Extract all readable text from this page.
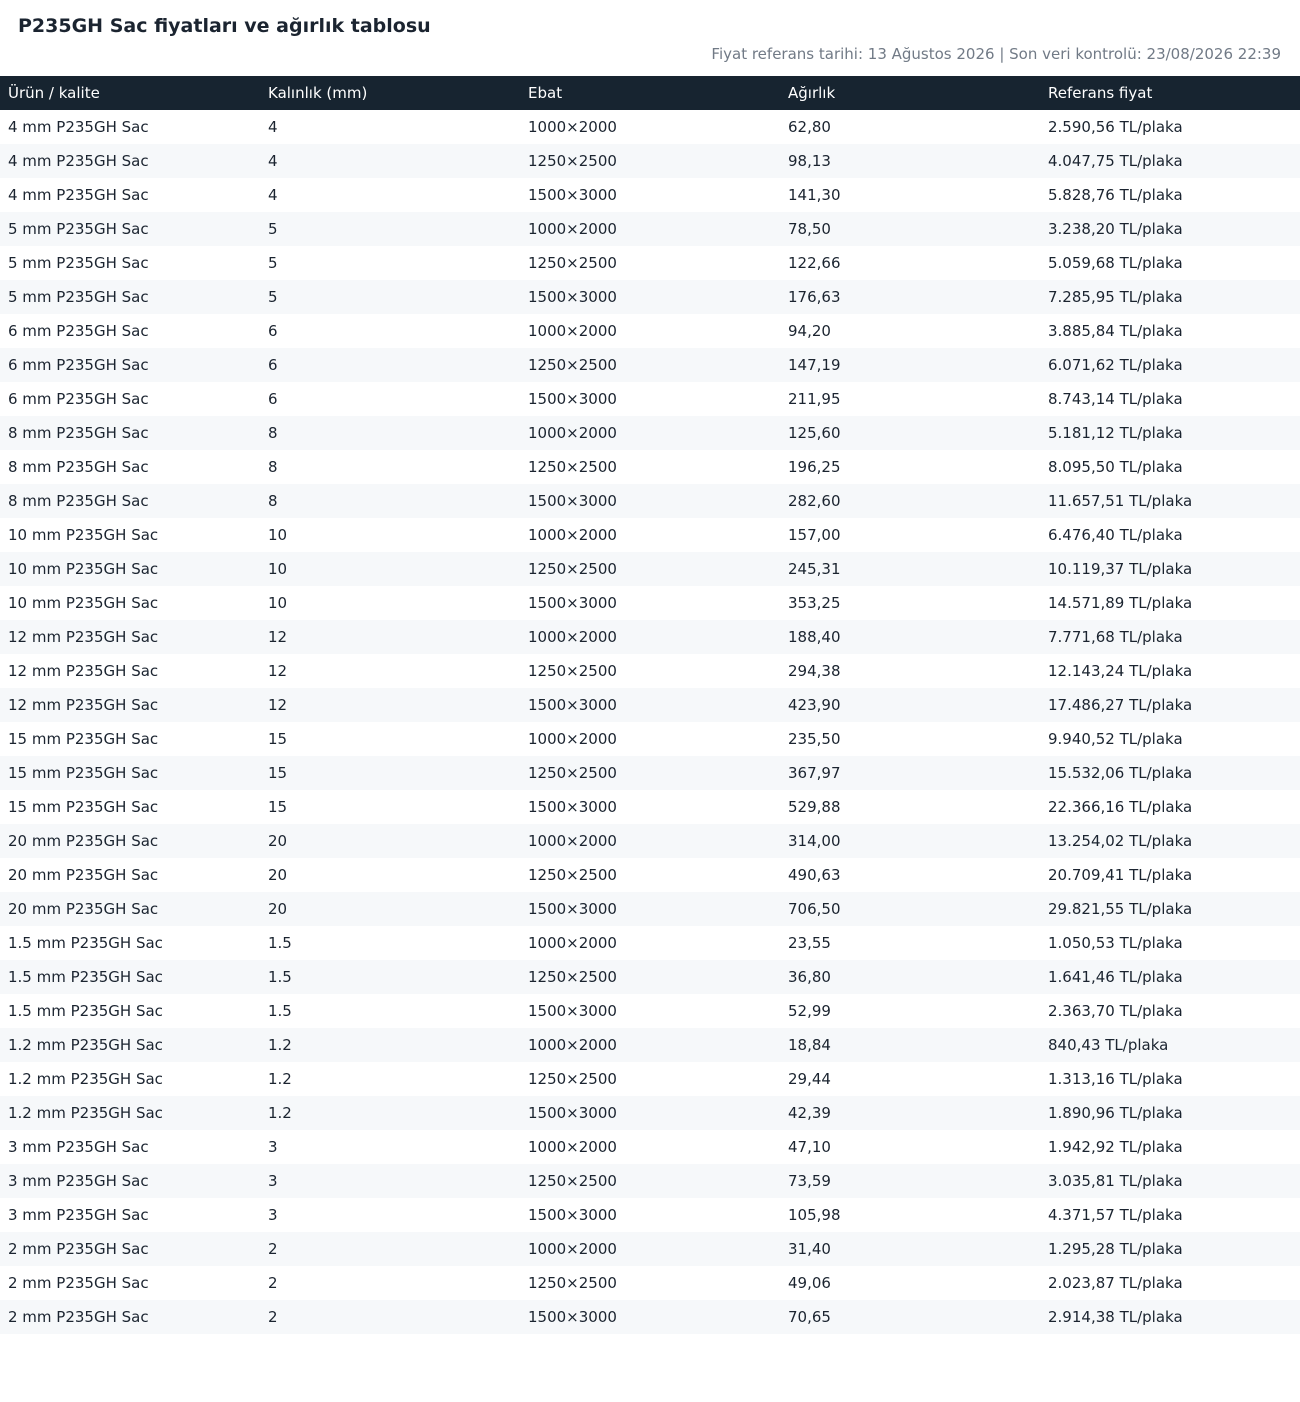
P235GH Sac fiyatları ve ağırlık tablosu
Fiyat referans tarihi: 13 Ağustos 2026 | Son veri kontrolü: 23/08/2026 22:39
Ürün / kalite	Kalınlık (mm)	Ebat	Ağırlık	Referans fiyat
4 mm P235GH Sac	4	1000×2000	62,80	2.590,56 TL/plaka
4 mm P235GH Sac	4	1250×2500	98,13	4.047,75 TL/plaka
4 mm P235GH Sac	4	1500×3000	141,30	5.828,76 TL/plaka
5 mm P235GH Sac	5	1000×2000	78,50	3.238,20 TL/plaka
5 mm P235GH Sac	5	1250×2500	122,66	5.059,68 TL/plaka
5 mm P235GH Sac	5	1500×3000	176,63	7.285,95 TL/plaka
6 mm P235GH Sac	6	1000×2000	94,20	3.885,84 TL/plaka
6 mm P235GH Sac	6	1250×2500	147,19	6.071,62 TL/plaka
6 mm P235GH Sac	6	1500×3000	211,95	8.743,14 TL/plaka
8 mm P235GH Sac	8	1000×2000	125,60	5.181,12 TL/plaka
8 mm P235GH Sac	8	1250×2500	196,25	8.095,50 TL/plaka
8 mm P235GH Sac	8	1500×3000	282,60	11.657,51 TL/plaka
10 mm P235GH Sac	10	1000×2000	157,00	6.476,40 TL/plaka
10 mm P235GH Sac	10	1250×2500	245,31	10.119,37 TL/plaka
10 mm P235GH Sac	10	1500×3000	353,25	14.571,89 TL/plaka
12 mm P235GH Sac	12	1000×2000	188,40	7.771,68 TL/plaka
12 mm P235GH Sac	12	1250×2500	294,38	12.143,24 TL/plaka
12 mm P235GH Sac	12	1500×3000	423,90	17.486,27 TL/plaka
15 mm P235GH Sac	15	1000×2000	235,50	9.940,52 TL/plaka
15 mm P235GH Sac	15	1250×2500	367,97	15.532,06 TL/plaka
15 mm P235GH Sac	15	1500×3000	529,88	22.366,16 TL/plaka
20 mm P235GH Sac	20	1000×2000	314,00	13.254,02 TL/plaka
20 mm P235GH Sac	20	1250×2500	490,63	20.709,41 TL/plaka
20 mm P235GH Sac	20	1500×3000	706,50	29.821,55 TL/plaka
1.5 mm P235GH Sac	1.5	1000×2000	23,55	1.050,53 TL/plaka
1.5 mm P235GH Sac	1.5	1250×2500	36,80	1.641,46 TL/plaka
1.5 mm P235GH Sac	1.5	1500×3000	52,99	2.363,70 TL/plaka
1.2 mm P235GH Sac	1.2	1000×2000	18,84	840,43 TL/plaka
1.2 mm P235GH Sac	1.2	1250×2500	29,44	1.313,16 TL/plaka
1.2 mm P235GH Sac	1.2	1500×3000	42,39	1.890,96 TL/plaka
3 mm P235GH Sac	3	1000×2000	47,10	1.942,92 TL/plaka
3 mm P235GH Sac	3	1250×2500	73,59	3.035,81 TL/plaka
3 mm P235GH Sac	3	1500×3000	105,98	4.371,57 TL/plaka
2 mm P235GH Sac	2	1000×2000	31,40	1.295,28 TL/plaka
2 mm P235GH Sac	2	1250×2500	49,06	2.023,87 TL/plaka
2 mm P235GH Sac	2	1500×3000	70,65	2.914,38 TL/plaka
